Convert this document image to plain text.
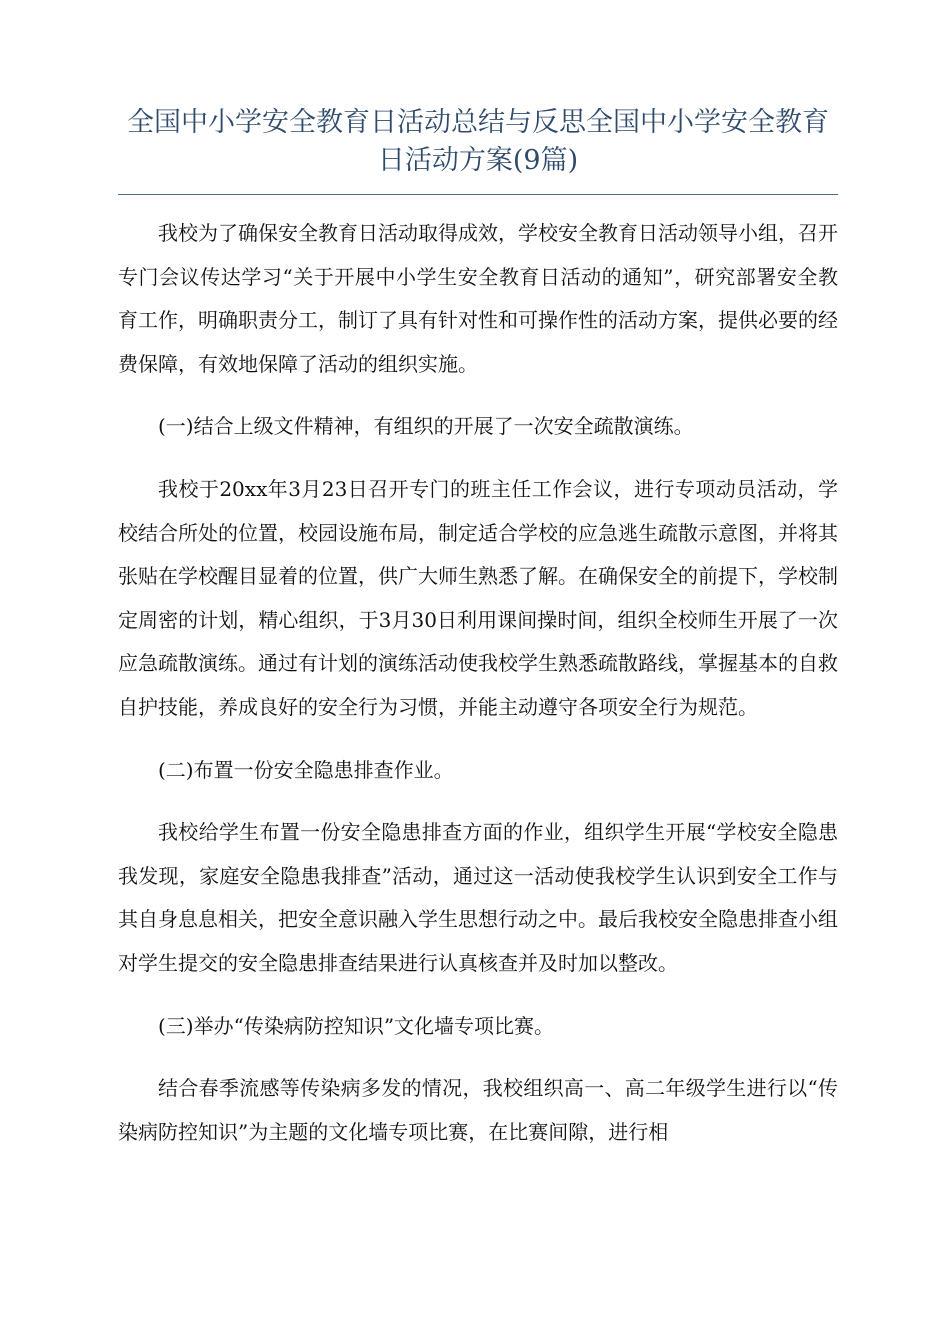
全国中小学安全教育日活动总结与反思全国中小学安全教育日活动方案(9篇)

我校为了确保安全教育日活动取得成效，学校安全教育日活动领导小组，召开专门会议传达学习“关于开展中小学生安全教育日活动的通知”，研究部署安全教育工作，明确职责分工，制订了具有针对性和可操作性的活动方案，提供必要的经费保障，有效地保障了活动的组织实施。

(一)结合上级文件精神，有组织的开展了一次安全疏散演练。

我校于20xx年3月23日召开专门的班主任工作会议，进行专项动员活动，学校结合所处的位置，校园设施布局，制定适合学校的应急逃生疏散示意图，并将其张贴在学校醒目显着的位置，供广大师生熟悉了解。在确保安全的前提下，学校制定周密的计划，精心组织，于3月30日利用课间操时间，组织全校师生开展了一次应急疏散演练。通过有计划的演练活动使我校学生熟悉疏散路线，掌握基本的自救自护技能，养成良好的安全行为习惯，并能主动遵守各项安全行为规范。

(二)布置一份安全隐患排查作业。

我校给学生布置一份安全隐患排查方面的作业，组织学生开展“学校安全隐患我发现，家庭安全隐患我排查”活动，通过这一活动使我校学生认识到安全工作与其自身息息相关，把安全意识融入学生思想行动之中。最后我校安全隐患排查小组对学生提交的安全隐患排查结果进行认真核查并及时加以整改。

(三)举办“传染病防控知识”文化墙专项比赛。

结合春季流感等传染病多发的情况，我校组织高一、高二年级学生进行以“传染病防控知识”为主题的文化墙专项比赛，在比赛间隙，进行相
